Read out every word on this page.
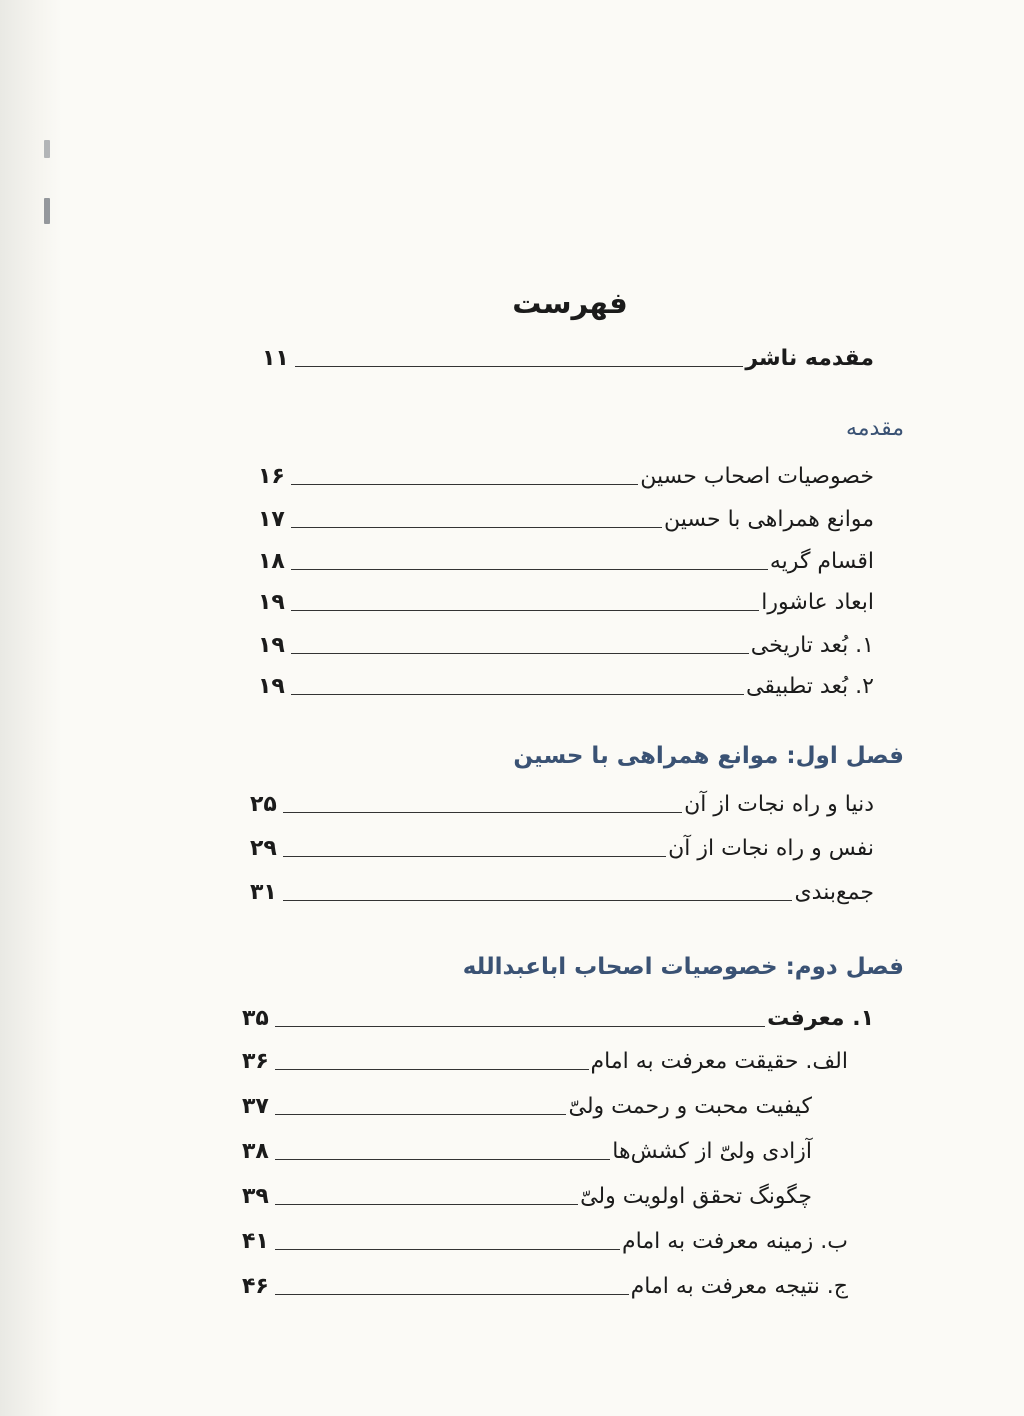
فهرست
مقدمه ناشر
۱۱
مقدمه
خصوصیات اصحاب حسین
۱۶
موانع همراهی با حسین
۱۷
اقسام گریه
۱۸
ابعاد عاشورا
۱۹
۱. بُعد تاریخی
۱۹
۲. بُعد تطبیقی
۱۹
فصل اول: موانع همراهی با حسین
دنیا و راه نجات از آن
۲۵
نفس و راه نجات از آن
۲۹
جمع‌بندی
۳۱
فصل دوم: خصوصیات اصحاب اباعبدالله
۱. معرفت
۳۵
الف. حقیقت معرفت به امام
۳۶
کیفیت محبت و رحمت ولیّ
۳۷
آزادی ولیّ از کشش‌ها
۳۸
چگونگ تحقق اولویت ولیّ
۳۹
ب. زمینه معرفت به امام
۴۱
ج. نتیجه معرفت به امام
۴۶
